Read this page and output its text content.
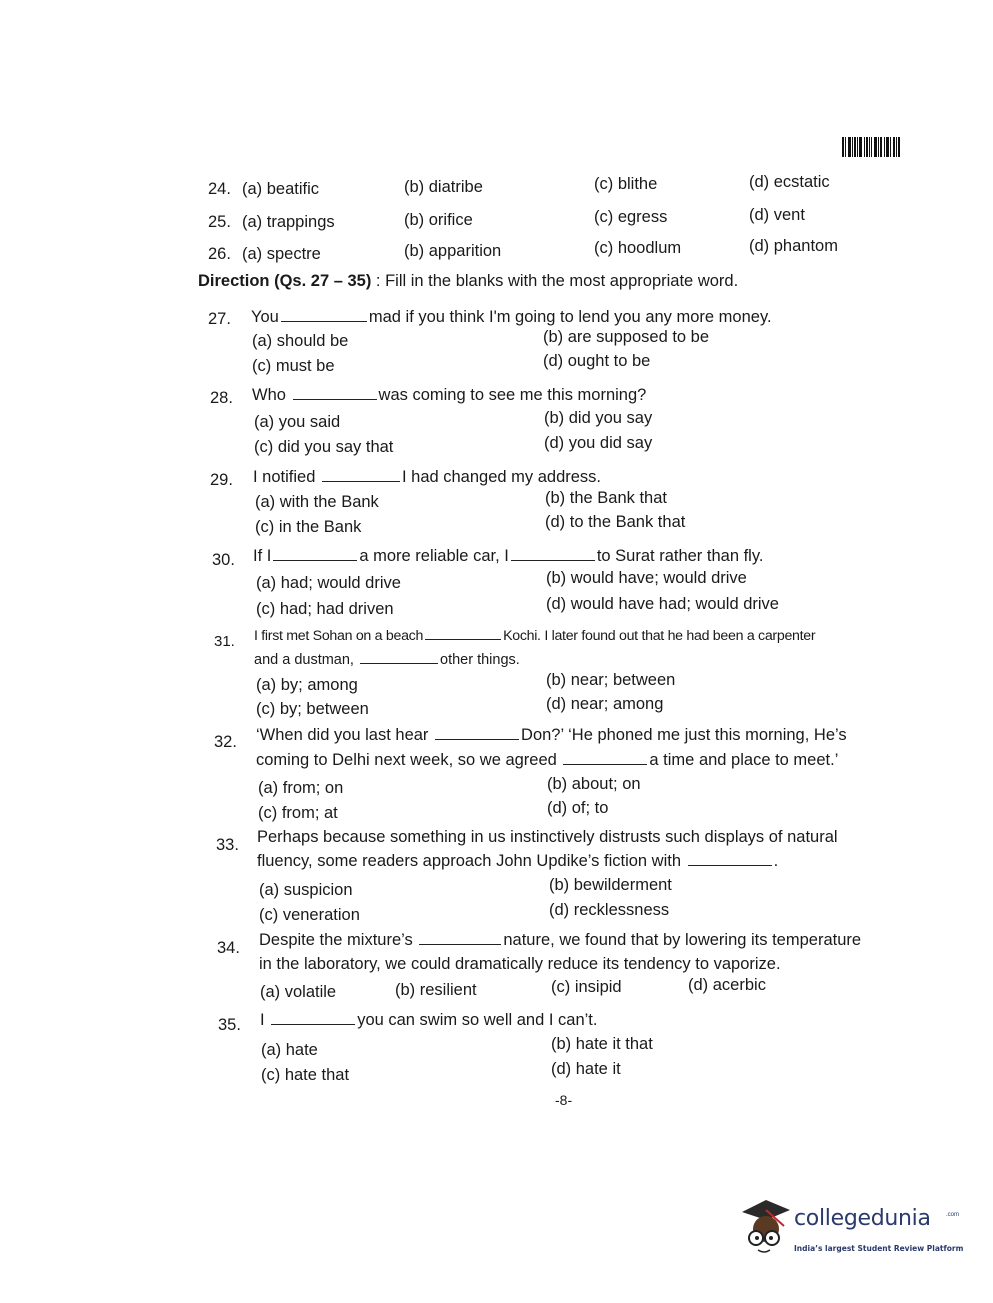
24. (a) beatific	(b) diatribe	(c) blithe	(d) ecstatic
25. (a) trappings	(b) orifice	(c) egress	(d) vent
26. (a) spectre	(b) apparition	(c) hoodlum	(d) phantom
Direction (Qs. 27 – 35) : Fill in the blanks with the most appropriate word.
27. You	mad if you think I'm going to lend you any more money.
(a) should be	(b) are supposed to be
(c) must be	(d) ought to be
28. Who	was coming to see me this morning?
(a) you said	(b) did you say
(c) did you say that	(d) you did say
29. I notified	I had changed my address.
(a) with the Bank	(b) the Bank that
(c) in the Bank	(d) to the Bank that
30. If I	a more reliable car, I	to Surat rather than fly.
(a) had; would drive	(b) would have; would drive
(c) had; had driven	(d) would have had; would drive
31. I first met Sohan on a beach	Kochi. I later found out that he had been a carpenter
and a dustman,	other things.
(a) by; among	(b) near; between
(c) by; between	(d) near; among
32. ‘When did you last hear	Don?’ ‘He phoned me just this morning, He’s
coming to Delhi next week, so we agreed	a time and place to meet.’
(a) from; on	(b) about; on
(c) from; at	(d) of; to
33. Perhaps because something in us instinctively distrusts such displays of natural
fluency, some readers approach John Updike’s fiction with	.
(a) suspicion	(b) bewilderment
(c) veneration	(d) recklessness
34. Despite the mixture’s	nature, we found that by lowering its temperature
in the laboratory, we could dramatically reduce its tendency to vaporize.
(a) volatile	(b) resilient	(c) insipid	(d) acerbic
35. I	you can swim so well and I can’t.
(a) hate	(b) hate it that
(c) hate that	(d) hate it
-8-
collegedunia	.com
India’s largest Student Review Platform
